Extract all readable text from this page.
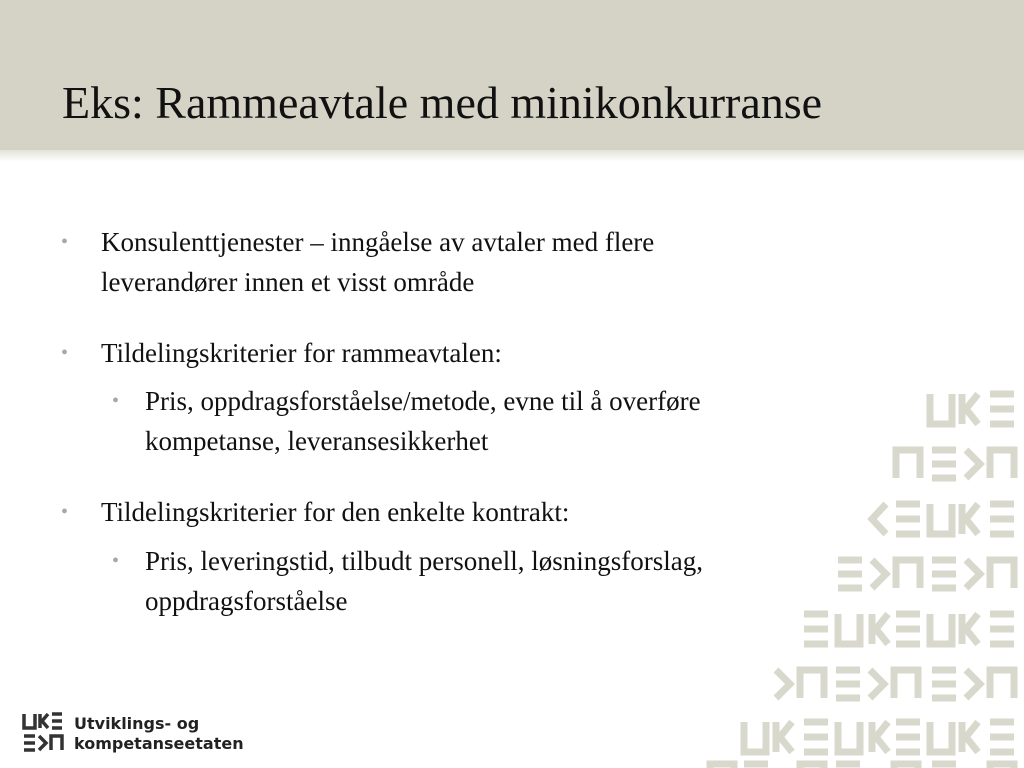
Eks: Rammeavtale med minikonkurranse
• Konsulenttjenester – inngåelse av avtaler med flere
leverandører innen et visst område
• Tildelingskriterier for rammeavtalen:
• Pris, oppdragsforståelse/metode, evne til å overføre
kompetanse, leveransesikkerhet
• Tildelingskriterier for den enkelte kontrakt:
• Pris, leveringstid, tilbudt personell, løsningsforslag,
oppdragsforståelse
Utviklings- og
kompetanseetaten
